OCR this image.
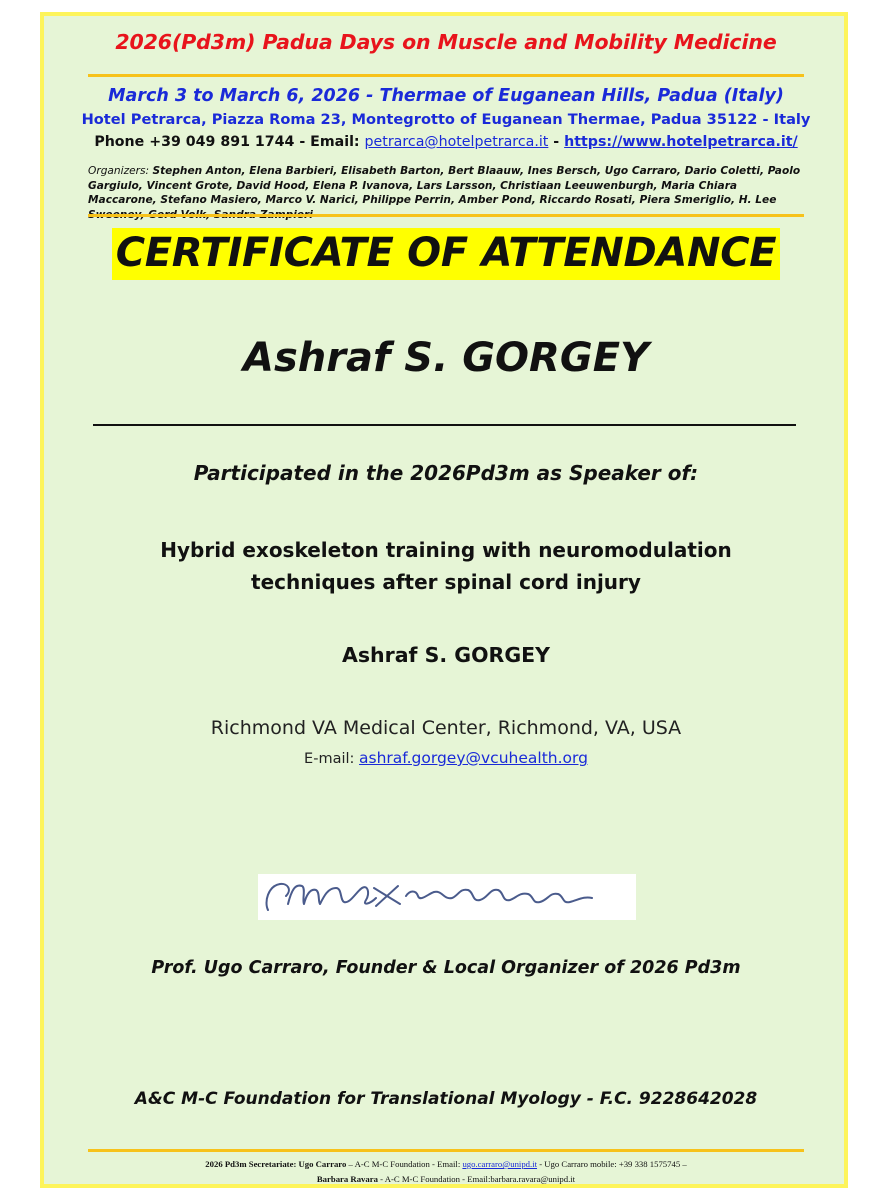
2026(Pd3m) Padua Days on Muscle and Mobility Medicine
March 3 to March 6, 2026 - Thermae of Euganean Hills, Padua (Italy)
Hotel Petrarca, Piazza Roma 23, Montegrotto of Euganean Thermae, Padua 35122 - Italy
Phone +39 049 891 1744 - Email: petrarca@hotelpetrarca.it - https://www.hotelpetrarca.it/
Organizers: Stephen Anton, Elena Barbieri, Elisabeth Barton, Bert Blaauw, Ines Bersch, Ugo Carraro, Dario Coletti, Paolo Gargiulo, Vincent Grote, David Hood, Elena P. Ivanova, Lars Larsson, Christiaan Leeuwenburgh, Maria Chiara Maccarone, Stefano Masiero, Marco V. Narici, Philippe Perrin, Amber Pond, Riccardo Rosati, Piera Smeriglio, H. Lee
CERTIFICATE OF ATTENDANCE
Ashraf S. GORGEY
Participated in the 2026Pd3m as Speaker of:
Hybrid exoskeleton training with neuromodulation
techniques after spinal cord injury
Ashraf S. GORGEY
Richmond VA Medical Center, Richmond, VA, USA
E-mail: ashraf.gorgey@vcuhealth.org
Prof. Ugo Carraro, Founder & Local Organizer of 2026 Pd3m
A&C M-C Foundation for Translational Myology - F.C. 9228642028
2026 Pd3m Secretariate: Ugo Carraro – A-C M-C Foundation - Email: ugo.carraro@unipd.it - Ugo Carraro mobile: +39 338 1575745 –
Barbara Ravara - A-C M-C Foundation - Email:barbara.ravara@unipd.it
